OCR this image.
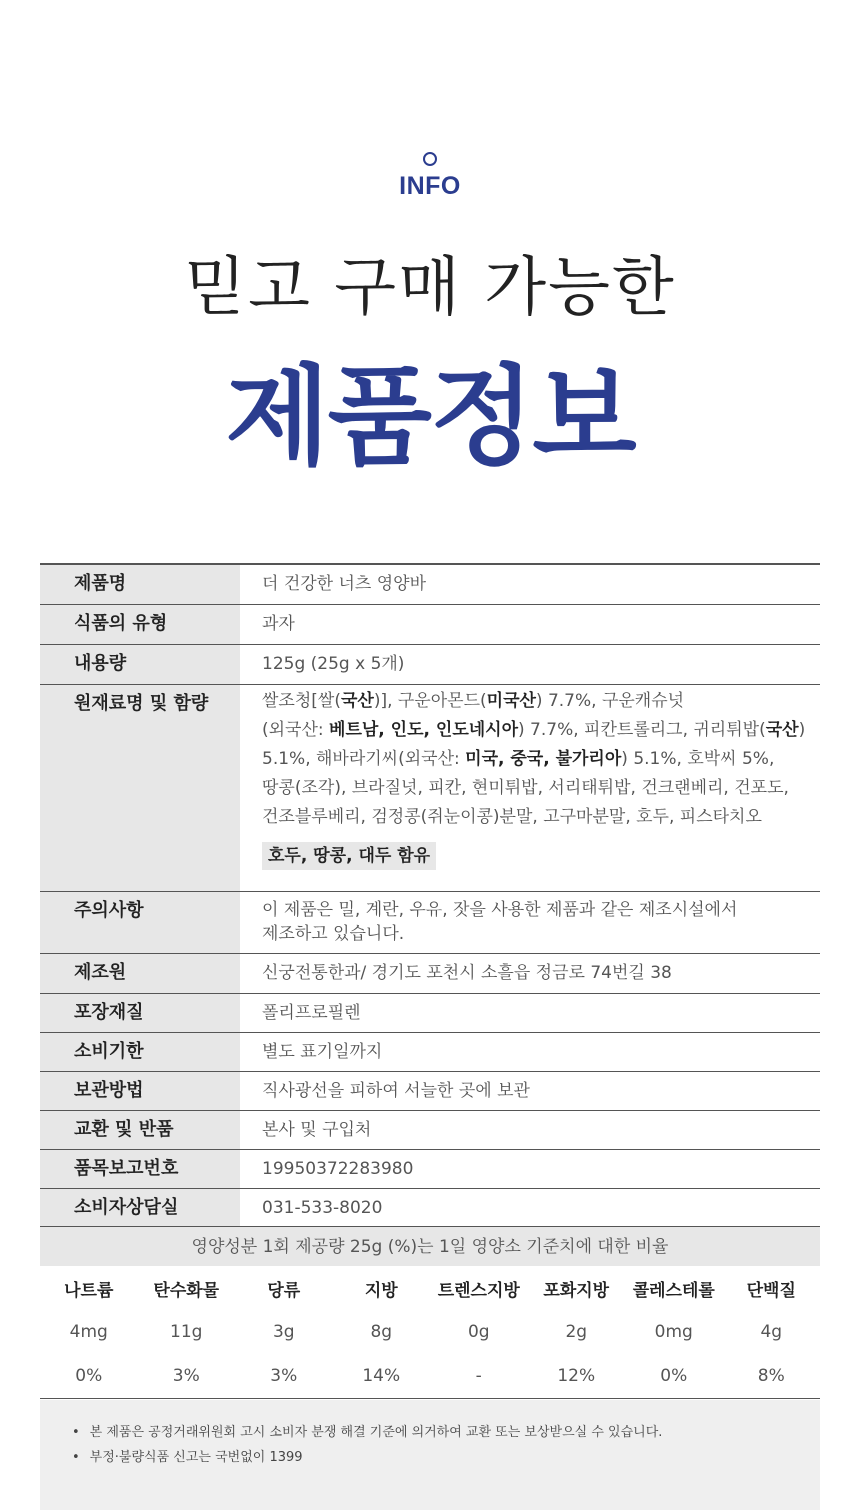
INFO
믿고 구매 가능한
제품정보
제품명	더 건강한 너츠 영양바
식품의 유형	과자
내용량	125g (25g x 5개)
원재료명 및 함량	쌀조청[쌀(국산)], 구운아몬드(미국산) 7.7%, 구운캐슈넛
(외국산: 베트남, 인도, 인도네시아) 7.7%, 피칸트롤리그, 귀리튀밥(국산)
5.1%, 해바라기씨(외국산: 미국, 중국, 불가리아) 5.1%, 호박씨 5%,
땅콩(조각), 브라질넛, 피칸, 현미튀밥, 서리태튀밥, 건크랜베리, 건포도,
건조블루베리, 검정콩(쥐눈이콩)분말, 고구마분말, 호두, 피스타치오
호두, 땅콩, 대두 함유
주의사항	이 제품은 밀, 계란, 우유, 잣을 사용한 제품과 같은 제조시설에서
제조하고 있습니다.
제조원	신궁전통한과/ 경기도 포천시 소흘읍 정금로 74번길 38
포장재질	폴리프로필렌
소비기한	별도 표기일까지
보관방법	직사광선을 피하여 서늘한 곳에 보관
교환 및 반품	본사 및 구입처
품목보고번호	19950372283980
소비자상담실	031-533-8020
영양성분 1회 제공량 25g (%)는 1일 영양소 기준치에 대한 비율
나트륨	탄수화물	당류	지방	트렌스지방	포화지방	콜레스테롤	단백질
4mg	11g	3g	8g	0g	2g	0mg	4g
0%	3%	3%	14%	-	12%	0%	8%
• 본 제품은 공정거래위원회 고시 소비자 분쟁 해결 기준에 의거하여 교환 또는 보상받으실 수 있습니다.
• 부정·불량식품 신고는 국번없이 1399
